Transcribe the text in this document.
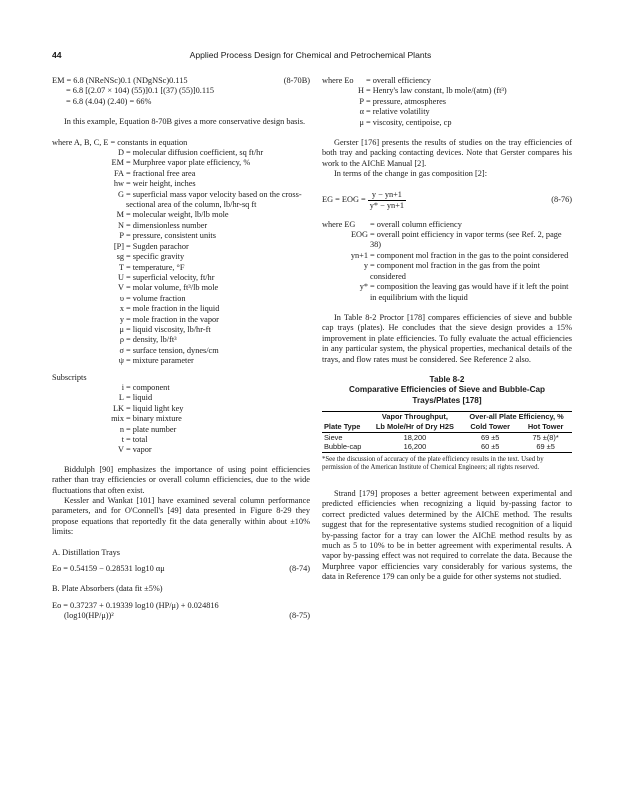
44	Applied Process Design for Chemical and Petrochemical Plants
EM = 6.8 (NReNSc)0.1 (NDgNSc)0.115	(8-70B)
= 6.8 [(2.07 × 104) (55)]0.1 [(37) (55)]0.115
= 6.8 (4.04) (2.40) = 66%

In this example, Equation 8-70B gives a more conservative design basis.

where A, B, C, E = constants in equation
D = molecular diffusion coefficient, sq ft/hr
EM = Murphree vapor plate efficiency, %
FA = fractional free area
hw = weir height, inches
G = superficial mass vapor velocity based on the cross-sectional area of the column, lb/hr-sq ft
M = molecular weight, lb/lb mole
N = dimensionless number
P = pressure, consistent units
[P] = Sugden parachor
sg = specific gravity
T = temperature, °F
U = superficial velocity, ft/hr
V = molar volume, ft³/lb mole
υ = volume fraction
x = mole fraction in the liquid
y = mole fraction in the vapor
μ = liquid viscosity, lb/hr-ft
ρ = density, lb/ft³
σ = surface tension, dynes/cm
ψ = mixture parameter
Subscripts
i = component
L = liquid
LK = liquid light key
mix = binary mixture
n = plate number
t = total
V = vapor

Biddulph [90] emphasizes the importance of using point efficiencies rather than tray efficiencies or overall column efficiencies, due to the wide fluctuations that often exist.

Kessler and Wankat [101] have examined several column performance parameters, and for O'Connell's [49] data presented in Figure 8-29 they propose equations that reportedly fit the data generally within about ±10% limits:

A. Distillation Trays
Eo = 0.54159 − 0.28531 log10 αμ	(8-74)
B. Plate Absorbers (data fit ±5%)
Eo = 0.37237 + 0.19339 log10 (HP/μ) + 0.024816
(log10(HP/μ))²	(8-75)
where Eo	= overall efficiency
H = Henry's law constant, lb mole/(atm) (ft³)
P = pressure, atmospheres
α = relative volatility
μ = viscosity, centipoise, cp

Gerster [176] presents the results of studies on the tray efficiencies of both tray and packing contacting devices. Note that Gerster compares his work to the AIChE Manual [2].

In terms of the change in gas composition [2]:

EG = EOG = $\frac{y - yn+1}{y* - yn+1}$	(8-76)
where EG	= overall column efficiency
EOG = overall point efficiency in vapor terms (see Ref. 2, page 38)
yn+1 = component mol fraction in the gas to the point considered
y = component mol fraction in the gas from the point considered
y* = composition the leaving gas would have if it left the point in equilibrium with the liquid

In Table 8-2 Proctor [178] compares efficiencies of sieve and bubble cap trays (plates). He concludes that the sieve design provides a 15% improvement in plate efficiencies. To fully evaluate the actual efficiencies in any particular system, the physical properties, mechanical details of the trays, and flow rates must be considered. See Reference 2 also.

Table 8-2
Comparative Efficiencies of Sieve and Bubble-Cap
Trays/Plates [178]
	Vapor Throughput,	Over-all Plate Efficiency, %	
Plate Type	Lb Mole/Hr of Dry H2S	Cold Tower	Hot Tower
Sieve	18,200	69 ±5	75 ±(8)*
Bubble-cap	16,200	60 ±5	69 ±5

*See the discussion of accuracy of the plate efficiency results in the text. Used by permission of the American Institute of Chemical Engineers; all rights reserved.

Strand [179] proposes a better agreement between experimental and predicted efficiencies when recognizing a liquid by-passing factor to correct predicted values determined by the AIChE method. The results suggest that for the representative systems studied recognition of a liquid by-passing factor for a tray can lower the AIChE method results by as much as 5 to 10% to be in better agreement with experimental results. A vapor by-passing effect was not required to correlate the data. Because the Murphree vapor efficiencies vary considerably for various systems, the data in Reference 179 can only be a guide for other systems not studied.
